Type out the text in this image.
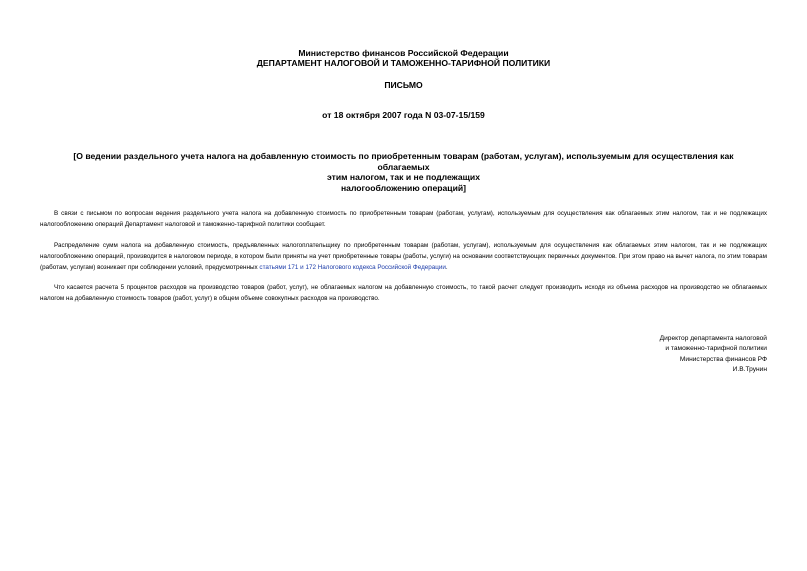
Министерство финансов Российской Федерации
ДЕПАРТАМЕНТ НАЛОГОВОЙ И ТАМОЖЕННО-ТАРИФНОЙ ПОЛИТИКИ
ПИСЬМО
от 18 октября 2007 года N 03-07-15/159
[О ведении раздельного учета налога на добавленную стоимость по приобретенным товарам (работам, услугам), используемым для осуществления как
облагаемых
этим налогом, так и не подлежащих
налогообложению операций]

В связи с письмом по вопросам ведения раздельного учета налога на добавленную стоимость по приобретенным товарам (работам, услугам), используемым для осуществления как облагаемых этим налогом, так и не подлежащих налогообложению операций Департамент налоговой и таможенно-тарифной политики сообщает.

Распределение сумм налога на добавленную стоимость, предъявленных налогоплательщику по приобретенным товарам (работам, услугам), используемым для осуществления как облагаемых этим налогом, так и не подлежащих налогообложению операций, производится в налоговом периоде, в котором были приняты на учет приобретенные товары (работы, услуги) на основании соответствующих первичных документов. При этом право на вычет налога, по этим товарам (работам, услугам) возникает при соблюдении условий, предусмотренных статьями 171 и 172 Налогового кодекса Российской Федерации.

Что касается расчета 5 процентов расходов на производство товаров (работ, услуг), не облагаемых налогом на добавленную стоимость, то такой расчет следует производить исходя из объема расходов на производство не облагаемых налогом на добавленную стоимость товаров (работ, услуг) в общем объеме совокупных расходов на производство.

Директор департамента налоговой
и таможенно-тарифной политики
Министерства финансов РФ
И.В.Трунин
